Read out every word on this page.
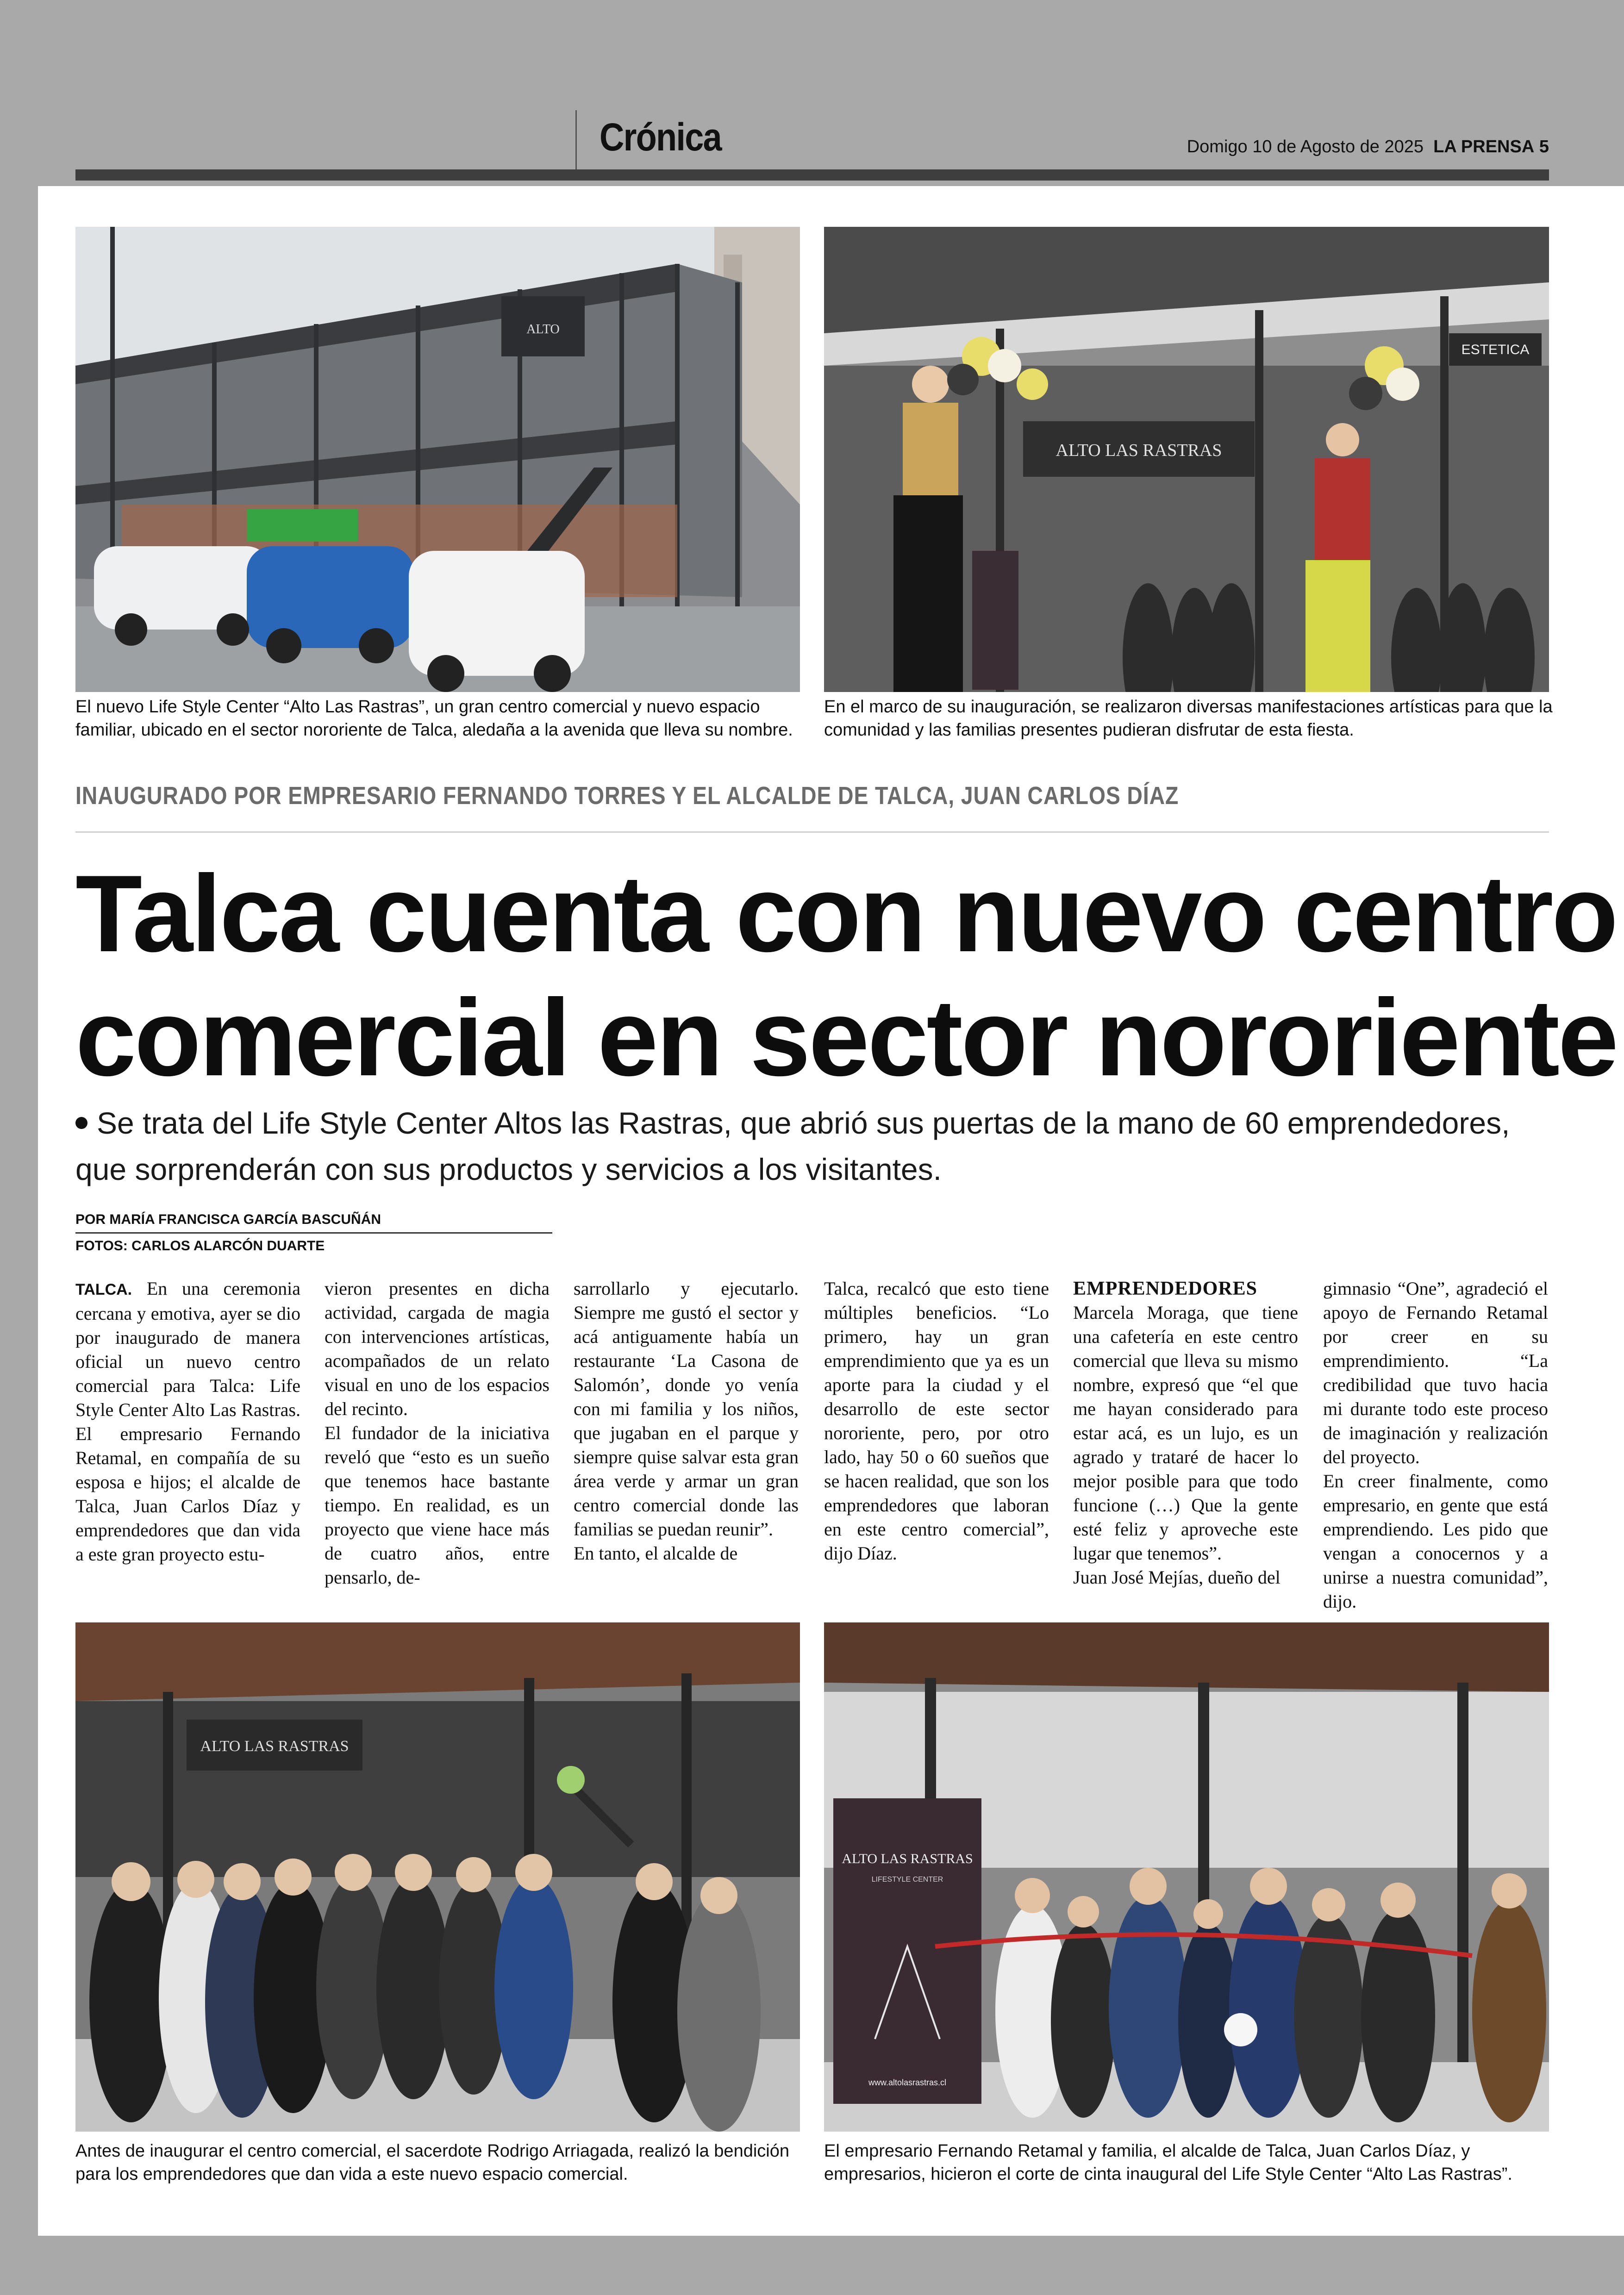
Crónica	Domigo 10 de Agosto de 2025 LA PRENSA 5
ALTO
El nuevo Life Style Center “Alto Las Rastras”, un gran centro comercial y nuevo espacio familiar, ubicado en el sector nororiente de Talca, aledaña a la avenida que lleva su nombre.
ALTO LAS RASTRAS
ESTETICA
En el marco de su inauguración, se realizaron diversas manifestaciones artísticas para que la comunidad y las familias presentes pudieran disfrutar de esta fiesta.
INAUGURADO POR EMPRESARIO FERNANDO TORRES Y EL ALCALDE DE TALCA, JUAN CARLOS DÍAZ
Talca cuenta con nuevo centro
comercial en sector nororiente
Se trata del Life Style Center Altos las Rastras, que abrió sus puertas de la mano de 60 emprendedores,
que sorprenderán con sus productos y servicios a los visitantes.
POR MARÍA FRANCISCA GARCÍA BASCUÑÁN
FOTOS: CARLOS ALARCÓN DUARTE

TALCA. En una ceremonia cercana y emotiva, ayer se dio por inaugurado de manera oficial un nuevo centro comercial para Talca: Life Style Center Alto Las Rastras. El empresario Fernando Retamal, en compañía de su esposa e hijos; el alcalde de Talca, Juan Carlos Díaz y emprendedores que dan vida a este gran proyecto estu-

vieron presentes en dicha actividad, cargada de magia con intervenciones artísticas, acompañados de un relato visual en uno de los espacios del recinto.

El fundador de la iniciativa reveló que “esto es un sueño que tenemos hace bastante tiempo. En realidad, es un proyecto que viene hace más de cuatro años, entre pensarlo, de-

sarrollarlo y ejecutarlo. Siempre me gustó el sector y acá antiguamente había un restaurante ‘La Casona de Salomón’, donde yo venía con mi familia y los niños, que jugaban en el parque y siempre quise salvar esta gran área verde y armar un gran centro comercial donde las familias se puedan reunir”.

En tanto, el alcalde de

Talca, recalcó que esto tiene múltiples beneficios. “Lo primero, hay un gran emprendimiento que ya es un aporte para la ciudad y el desarrollo de este sector nororiente, pero, por otro lado, hay 50 o 60 sueños que se hacen realidad, que son los emprendedores que laboran en este centro comercial”, dijo Díaz.

EMPRENDEDORES

Marcela Moraga, que tiene una cafetería en este centro comercial que lleva su mismo nombre, expresó que “el que me hayan considerado para estar acá, es un lujo, es un agrado y trataré de hacer lo mejor posible para que todo funcione (…) Que la gente esté feliz y aproveche este lugar que tenemos”.

Juan José Mejías, dueño del

gimnasio “One”, agradeció el apoyo de Fernando Retamal por creer en su emprendimiento. “La credibilidad que tuvo hacia mi durante todo este proceso de imaginación y realización del proyecto.

En creer finalmente, como empresario, en gente que está emprendiendo. Les pido que vengan a conocernos y a unirse a nuestra comunidad”, dijo.

ALTO LAS RASTRAS
Antes de inaugurar el centro comercial, el sacerdote Rodrigo Arriagada, realizó la bendición para los emprendedores que dan vida a este nuevo espacio comercial.
ALTO LAS RASTRAS
LIFESTYLE CENTER
www.altolasrastras.cl
El empresario Fernando Retamal y familia, el alcalde de Talca, Juan Carlos Díaz, y empresarios, hicieron el corte de cinta inaugural del Life Style Center “Alto Las Rastras”.
